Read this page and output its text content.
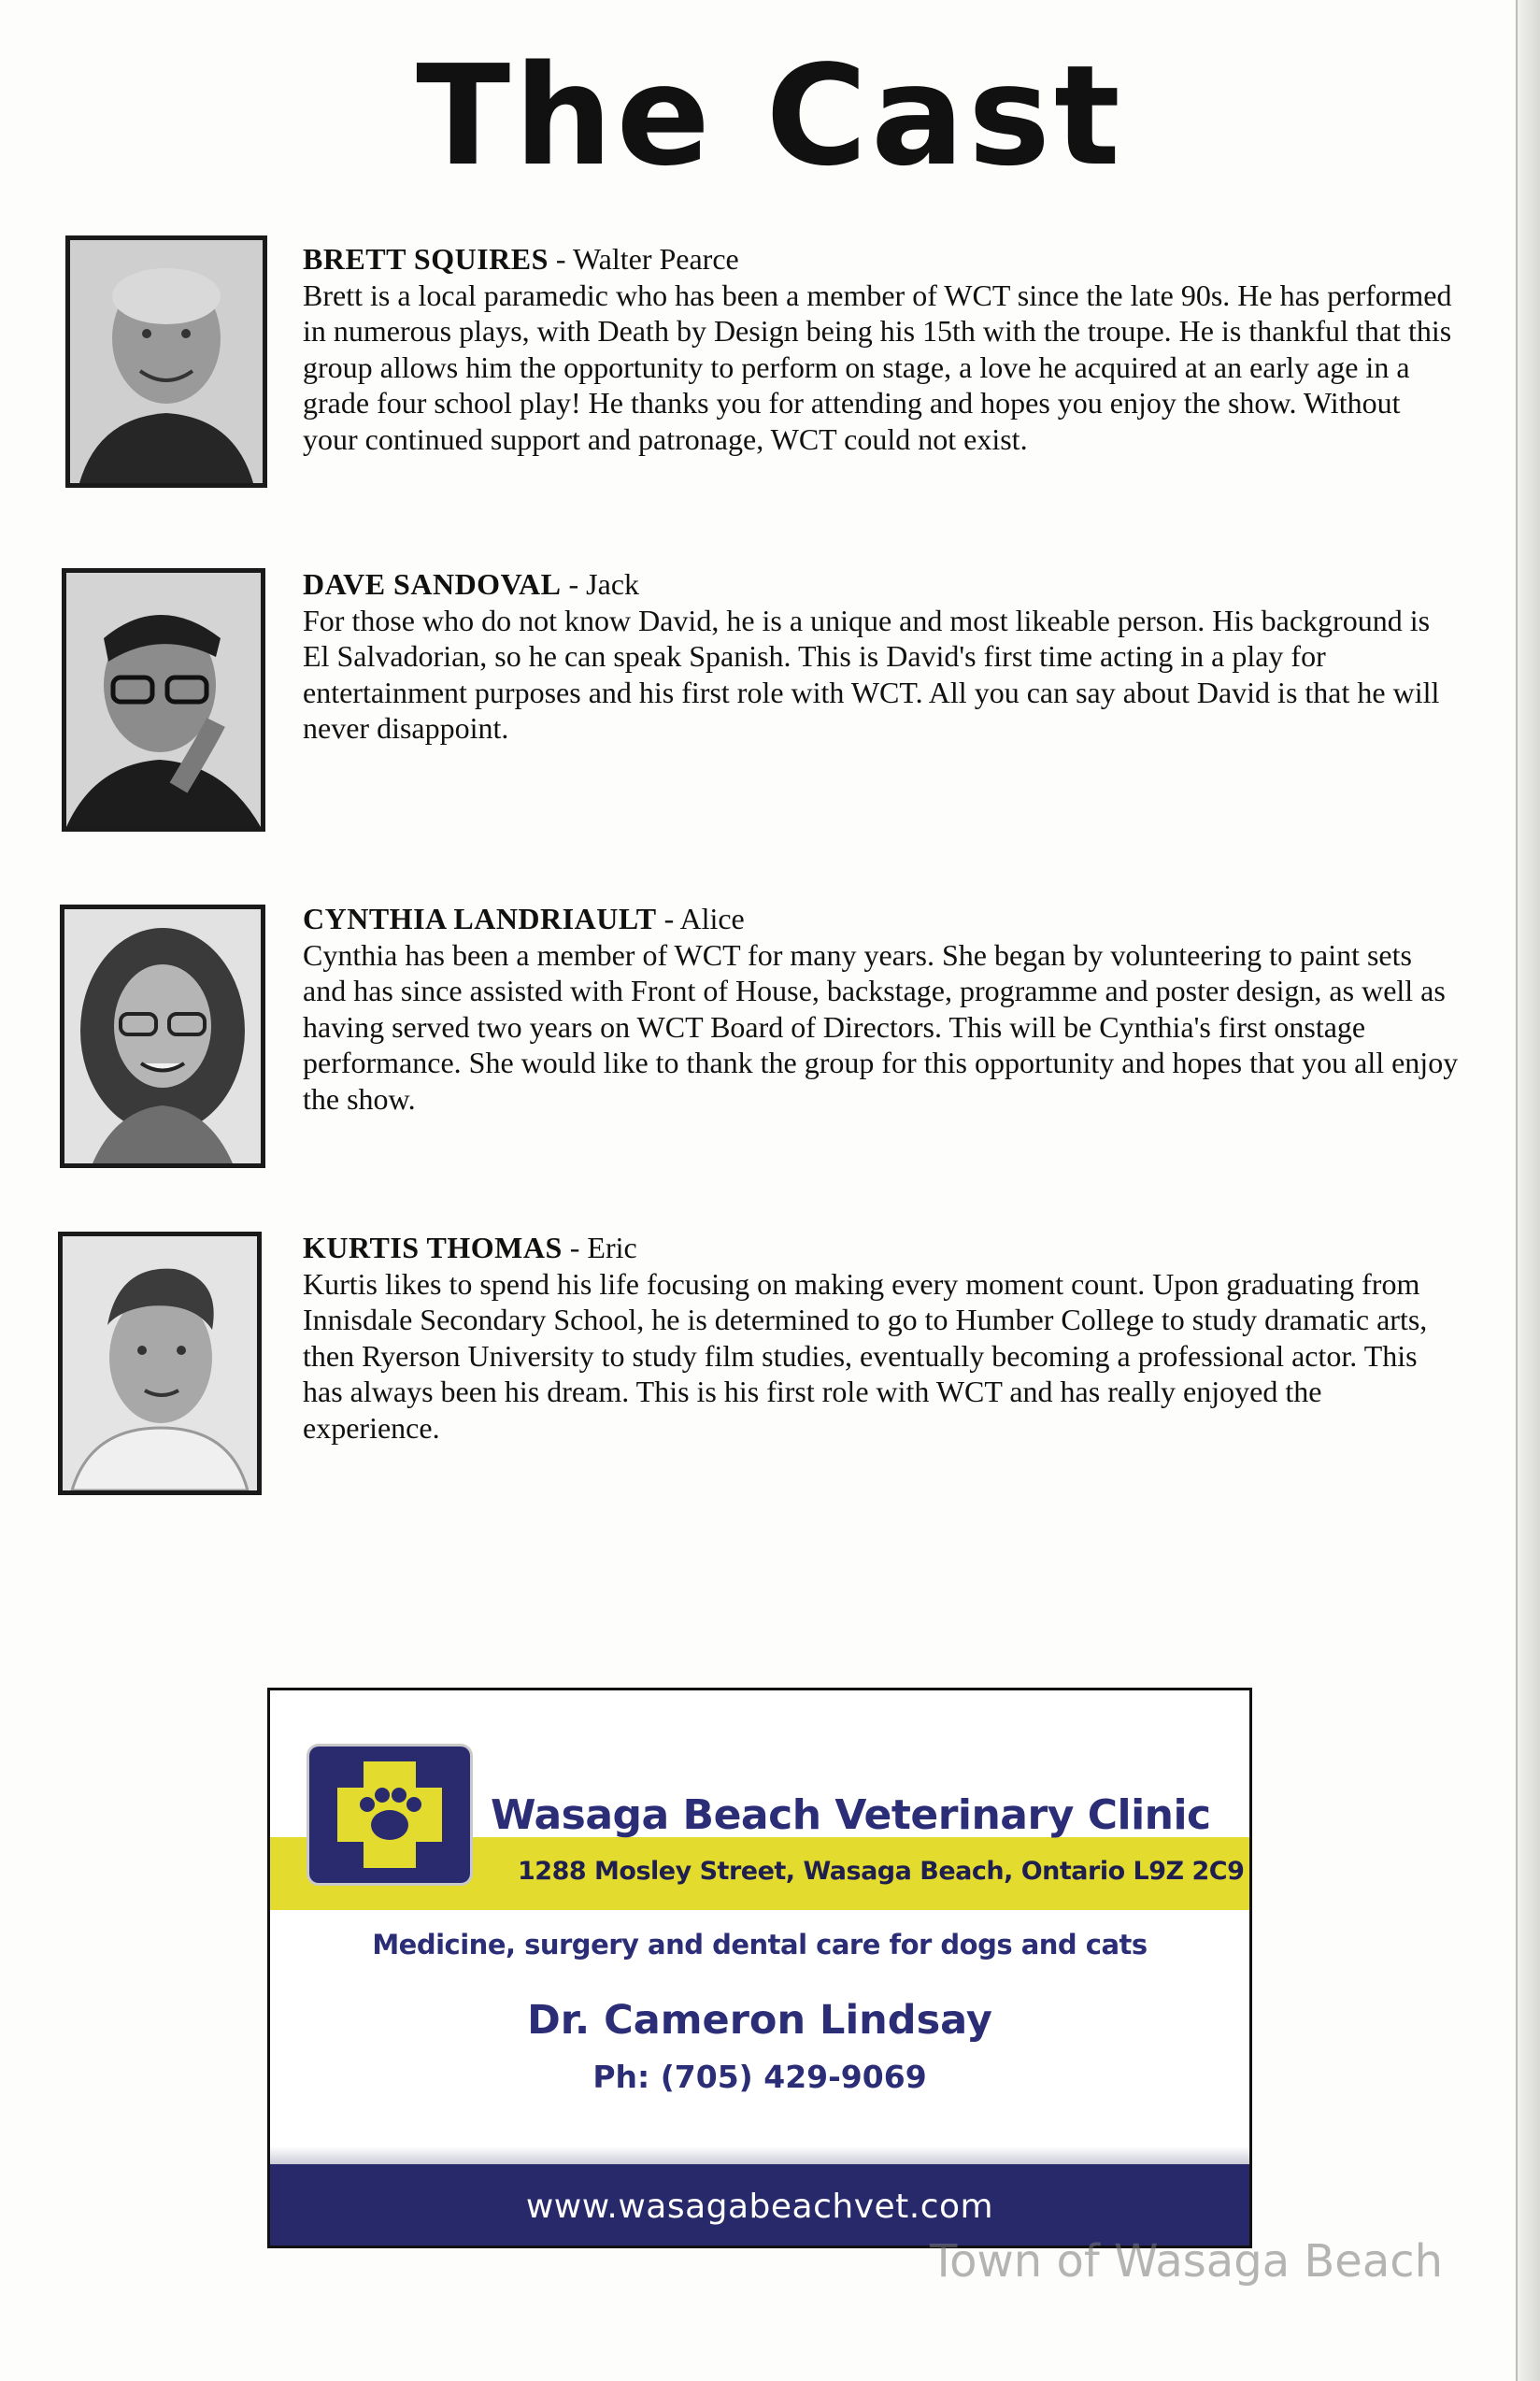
The Cast
BRETT SQUIRES - Walter Pearce
Brett is a local paramedic who has been a member of WCT since the late 90s. He has performed in numerous plays, with Death by Design being his 15th with the troupe. He is thankful that this group allows him the opportunity to perform on stage, a love he acquired at an early age in a grade four school play! He thanks you for attending and hopes you enjoy the show. Without your continued support and patronage, WCT could not exist.
DAVE SANDOVAL - Jack
For those who do not know David, he is a unique and most likeable person. His background is El Salvadorian, so he can speak Spanish. This is David's first time acting in a play for entertainment purposes and his first role with WCT. All you can say about David is that he will never disappoint.
CYNTHIA LANDRIAULT - Alice
Cynthia has been a member of WCT for many years. She began by volunteering to paint sets and has since assisted with Front of House, backstage, programme and poster design, as well as having served two years on WCT Board of Directors. This will be Cynthia's first onstage performance. She would like to thank the group for this opportunity and hopes that you all enjoy the show.
KURTIS THOMAS - Eric
Kurtis likes to spend his life focusing on making every moment count. Upon graduating from Innisdale Secondary School, he is determined to go to Humber College to study dramatic arts, then Ryerson University to study film studies, eventually becoming a professional actor. This has always been his dream. This is his first role with WCT and has really enjoyed the experience.
Wasaga Beach Veterinary Clinic
1288 Mosley Street, Wasaga Beach, Ontario L9Z 2C9
Medicine, surgery and dental care for dogs and cats
Dr. Cameron Lindsay
Ph: (705) 429-9069
www.wasagabeachvet.com
Town of Wasaga Beach
